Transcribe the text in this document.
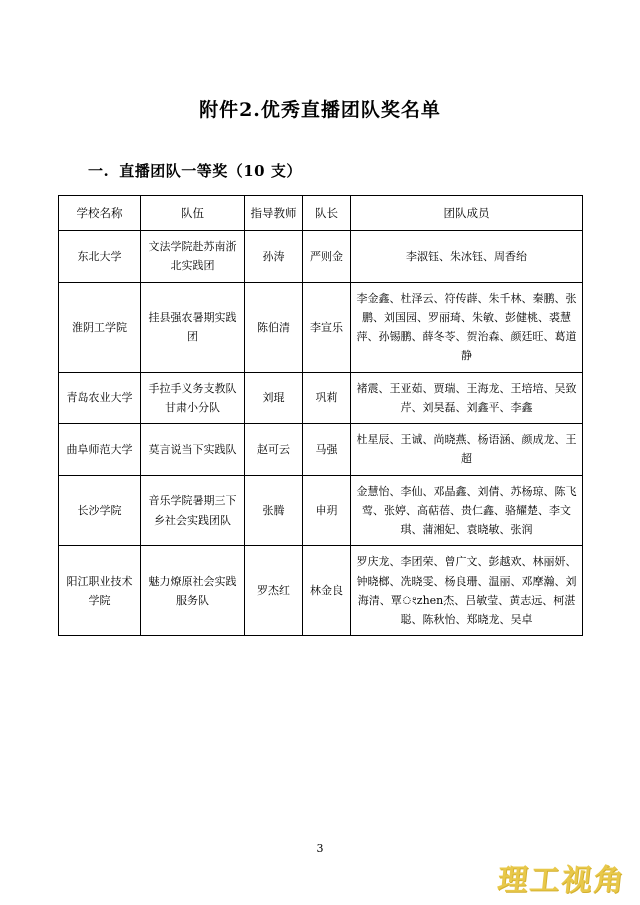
附件2.优秀直播团队奖名单
一. 直播团队一等奖（10 支）
学校名称	队伍	指导教师	队长	团队成员
东北大学	文法学院赴苏南浙北实践团	孙涛	严则金	李淑钰、朱冰钰、周香绐
淮阴工学院	挂县强农暑期实践团	陈伯清	李宣乐	李金鑫、杜泽云、符传薜、朱千林、秦鹏、张鹏、刘国园、罗丽琦、朱敏、彭健桃、裘慧萍、孙锡鹏、薛冬苓、贺治森、颜廷旺、葛道静
青岛农业大学	手拉手义务支教队甘肃小分队	刘琨	巩莉	褚震、王亚茹、贾瑞、王海龙、王培培、吴致芹、刘昊磊、刘鑫平、李鑫
曲阜师范大学	莫言说当下实践队	赵可云	马强	杜星辰、王诚、尚晓燕、杨语涵、颜成龙、王超
长沙学院	音乐学院暑期三下乡社会实践团队	张腾	申玥	金慧怡、李仙、邓晶鑫、刘倩、苏杨琼、陈飞莺、张婷、高萜蓓、贵仁鑫、骆耀楚、李文琪、蒲湘妃、袁晓敏、张润
阳江职业技术学院	魅力燎原社会实践服务队	罗杰红	林金良	罗庆龙、李团荣、曾广文、彭越欢、林丽妍、钟晓榔、冼晓雯、杨良珊、温丽、邓摩瀚、刘海清、覃ংzhen杰、吕敏莹、黄志远、柯湛聪、陈秋怡、郑晓龙、吴卓
3
理工视角
